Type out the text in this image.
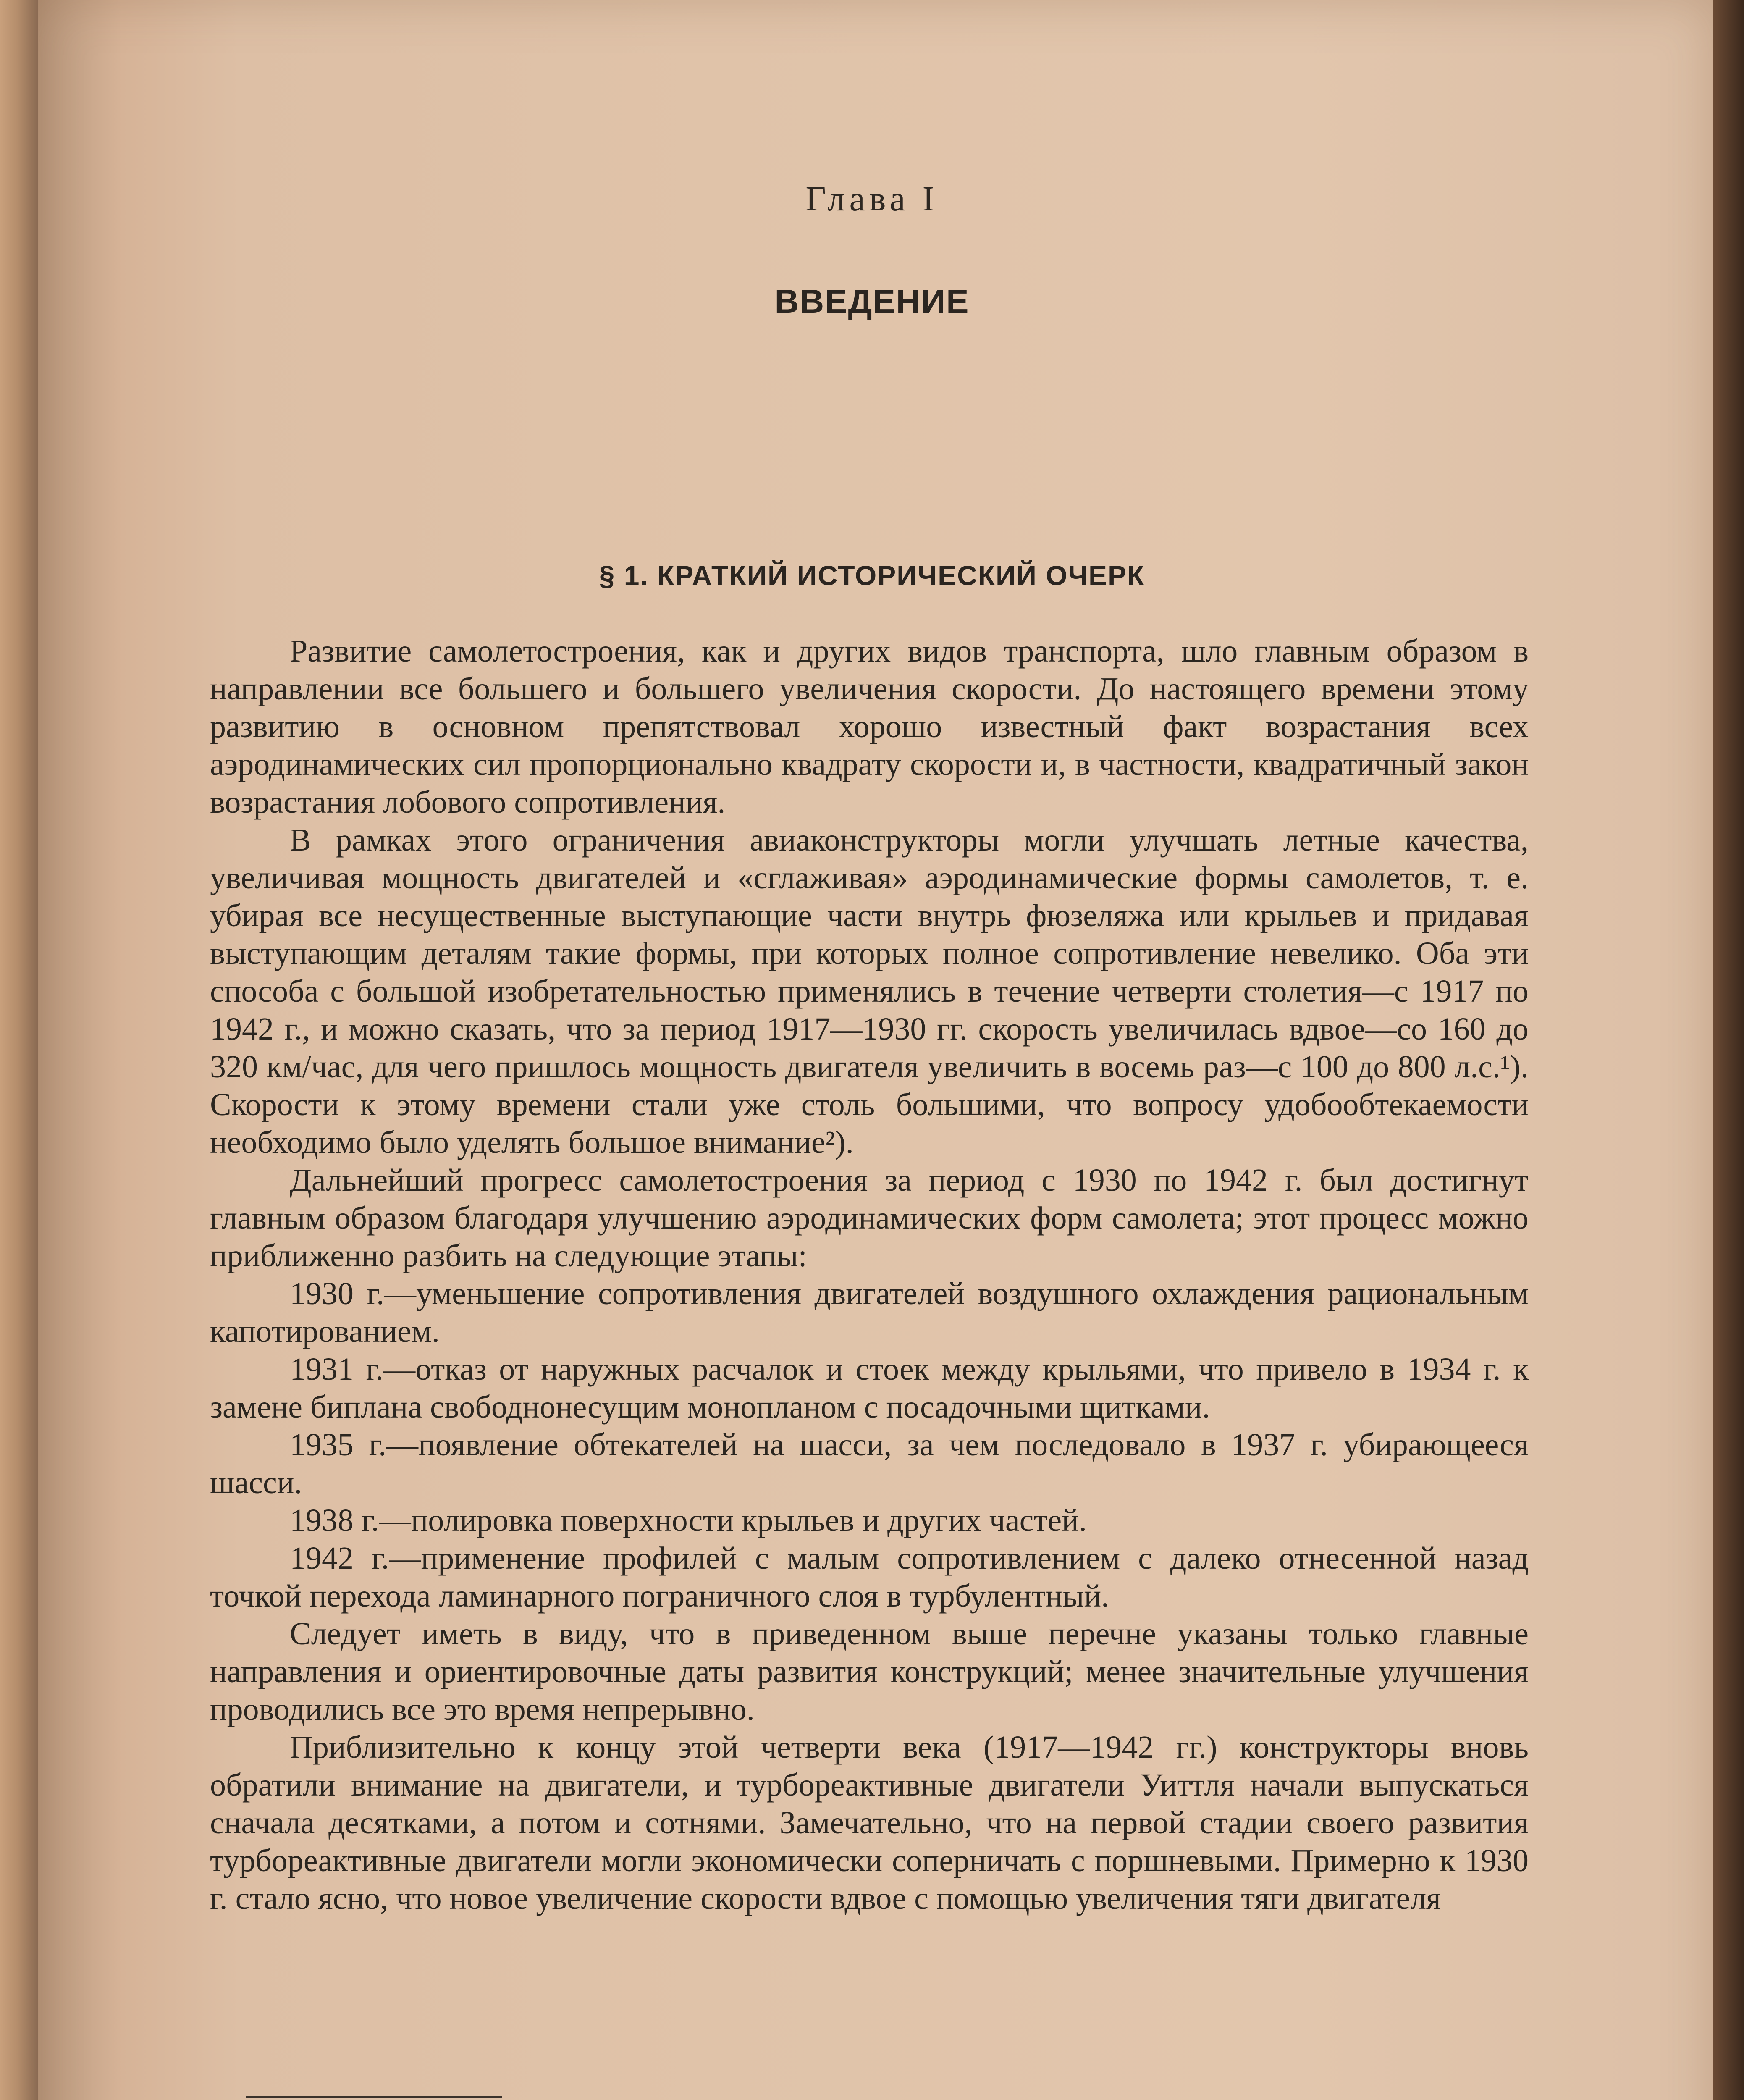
Глава I
ВВЕДЕНИЕ
§ 1. КРАТКИЙ ИСТОРИЧЕСКИЙ ОЧЕРК

Развитие самолетостроения, как и других видов транспорта, шло главным образом в направлении все большего и большего увеличения скорости. До настоящего времени этому развитию в основном препятствовал хорошо известный факт возрастания всех аэродинамических сил пропорционально квадрату скорости и, в частности, квадратичный закон возрастания лобового сопротивления.

В рамках этого ограничения авиаконструкторы могли улучшать летные качества, увеличивая мощность двигателей и «сглаживая» аэродинамические формы самолетов, т. е. убирая все несущественные выступающие части внутрь фюзеляжа или крыльев и придавая выступающим деталям такие формы, при которых полное сопротивление невелико. Оба эти способа с большой изобретательностью применялись в течение четверти столетия—с 1917 по 1942 г., и можно сказать, что за период 1917—1930 гг. скорость увеличилась вдвое—со 160 до 320 км/час, для чего пришлось мощность двигателя увеличить в восемь раз—с 100 до 800 л.с.¹). Скорости к этому времени стали уже столь большими, что вопросу удобообтекаемости необходимо было уделять большое внимание²).

Дальнейший прогресс самолетостроения за период с 1930 по 1942 г. был достигнут главным образом благодаря улучшению аэродинамических форм самолета; этот процесс можно приближенно разбить на следующие этапы:

1930 г.—уменьшение сопротивления двигателей воздушного охлаждения рациональным капотированием.

1931 г.—отказ от наружных расчалок и стоек между крыльями, что привело в 1934 г. к замене биплана свободнонесущим монопланом с посадочными щитками.

1935 г.—появление обтекателей на шасси, за чем последовало в 1937 г. убирающееся шасси.

1938 г.—полировка поверхности крыльев и других частей.

1942 г.—применение профилей с малым сопротивлением с далеко отнесенной назад точкой перехода ламинарного пограничного слоя в турбулентный.

Следует иметь в виду, что в приведенном выше перечне указаны только главные направления и ориентировочные даты развития конструкций; менее значительные улучшения проводились все это время непрерывно.

Приблизительно к концу этой четверти века (1917—1942 гг.) конструкторы вновь обратили внимание на двигатели, и турбореактивные двигатели Уиттля начали выпускаться сначала десятками, а потом и сотнями. Замечательно, что на первой стадии своего развития турбореактивные двигатели могли экономически соперничать с поршневыми. Примерно к 1930 г. стало ясно, что новое увеличение скорости вдвое с помощью увеличения тяги двигателя
